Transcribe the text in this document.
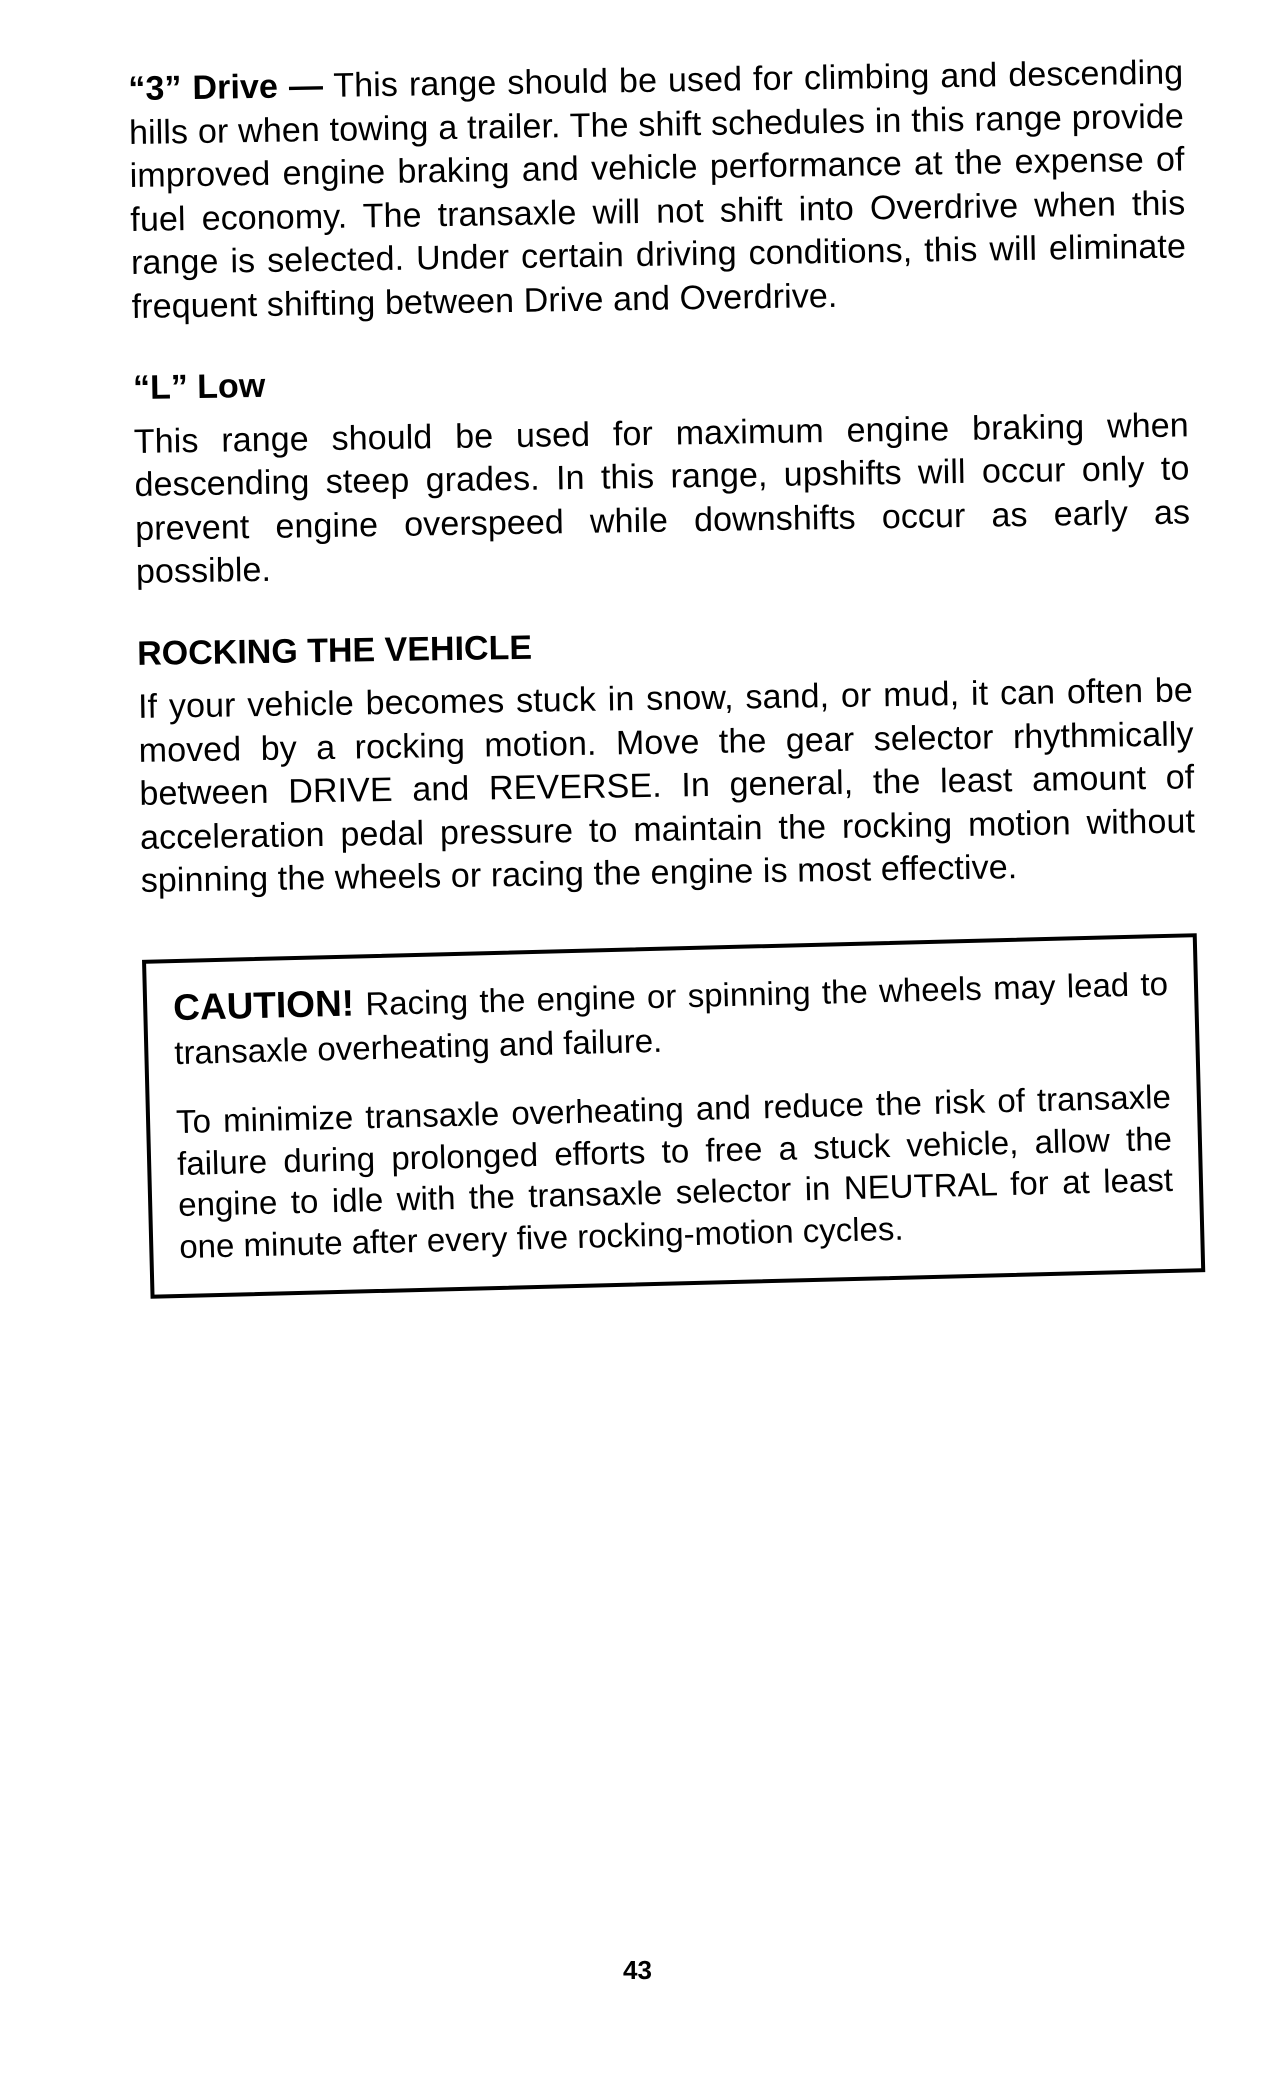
“3” Drive — This range should be used for climbing and descending hills or when towing a trailer. The shift schedules in this range provide improved engine braking and vehicle performance at the expense of fuel economy. The transaxle will not shift into Overdrive when this range is selected. Under certain driving conditions, this will eliminate frequent shifting between Drive and Overdrive.

“L” Low

This range should be used for maximum engine braking when descending steep grades. In this range, upshifts will occur only to prevent engine overspeed while downshifts occur as early as possible.

ROCKING THE VEHICLE

If your vehicle becomes stuck in snow, sand, or mud, it can often be moved by a rocking motion. Move the gear selector rhythmically between DRIVE and REVERSE. In general, the least amount of acceleration pedal pressure to maintain the rocking motion without spinning the wheels or racing the engine is most effective.

CAUTION! Racing the engine or spinning the wheels may lead to transaxle overheating and failure.

To minimize transaxle overheating and reduce the risk of transaxle failure during prolonged efforts to free a stuck vehicle, allow the engine to idle with the transaxle selector in NEUTRAL for at least one minute after every five rocking-motion cycles.

43
